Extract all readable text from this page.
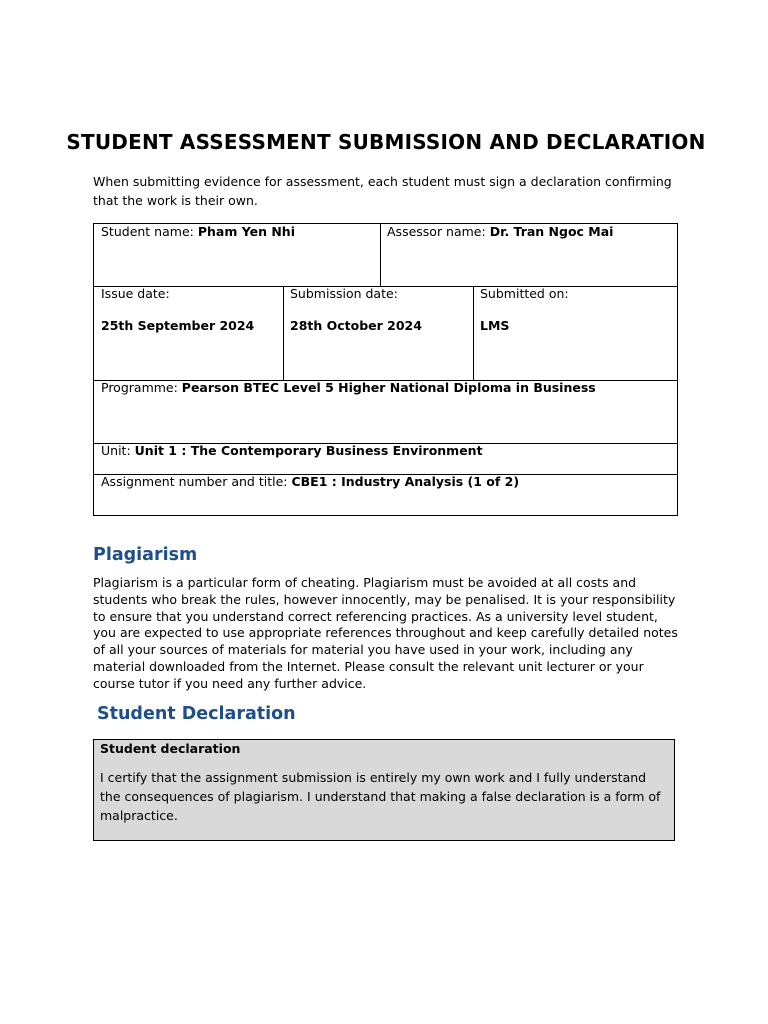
STUDENT ASSESSMENT SUBMISSION AND DECLARATION
When submitting evidence for assessment, each student must sign a declaration confirming that the work is their own.
Student name: Pham Yen Nhi	Assessor name: Dr. Tran Ngoc Mai
Issue date:
25th September 2024
Submission date:
28th October 2024
Submitted on:
LMS
Programme: Pearson BTEC Level 5 Higher National Diploma in Business
Unit: Unit 1 : The Contemporary Business Environment
Assignment number and title: CBE1 : Industry Analysis (1 of 2)
Plagiarism
Plagiarism is a particular form of cheating. Plagiarism must be avoided at all costs and students who break the rules, however innocently, may be penalised. It is your responsibility to ensure that you understand correct referencing practices. As a university level student, you are expected to use appropriate references throughout and keep carefully detailed notes of all your sources of materials for material you have used in your work, including any material downloaded from the Internet. Please consult the relevant unit lecturer or your course tutor if you need any further advice.
Student Declaration
Student declaration
I certify that the assignment submission is entirely my own work and I fully understand the consequences of plagiarism. I understand that making a false declaration is a form of malpractice.
